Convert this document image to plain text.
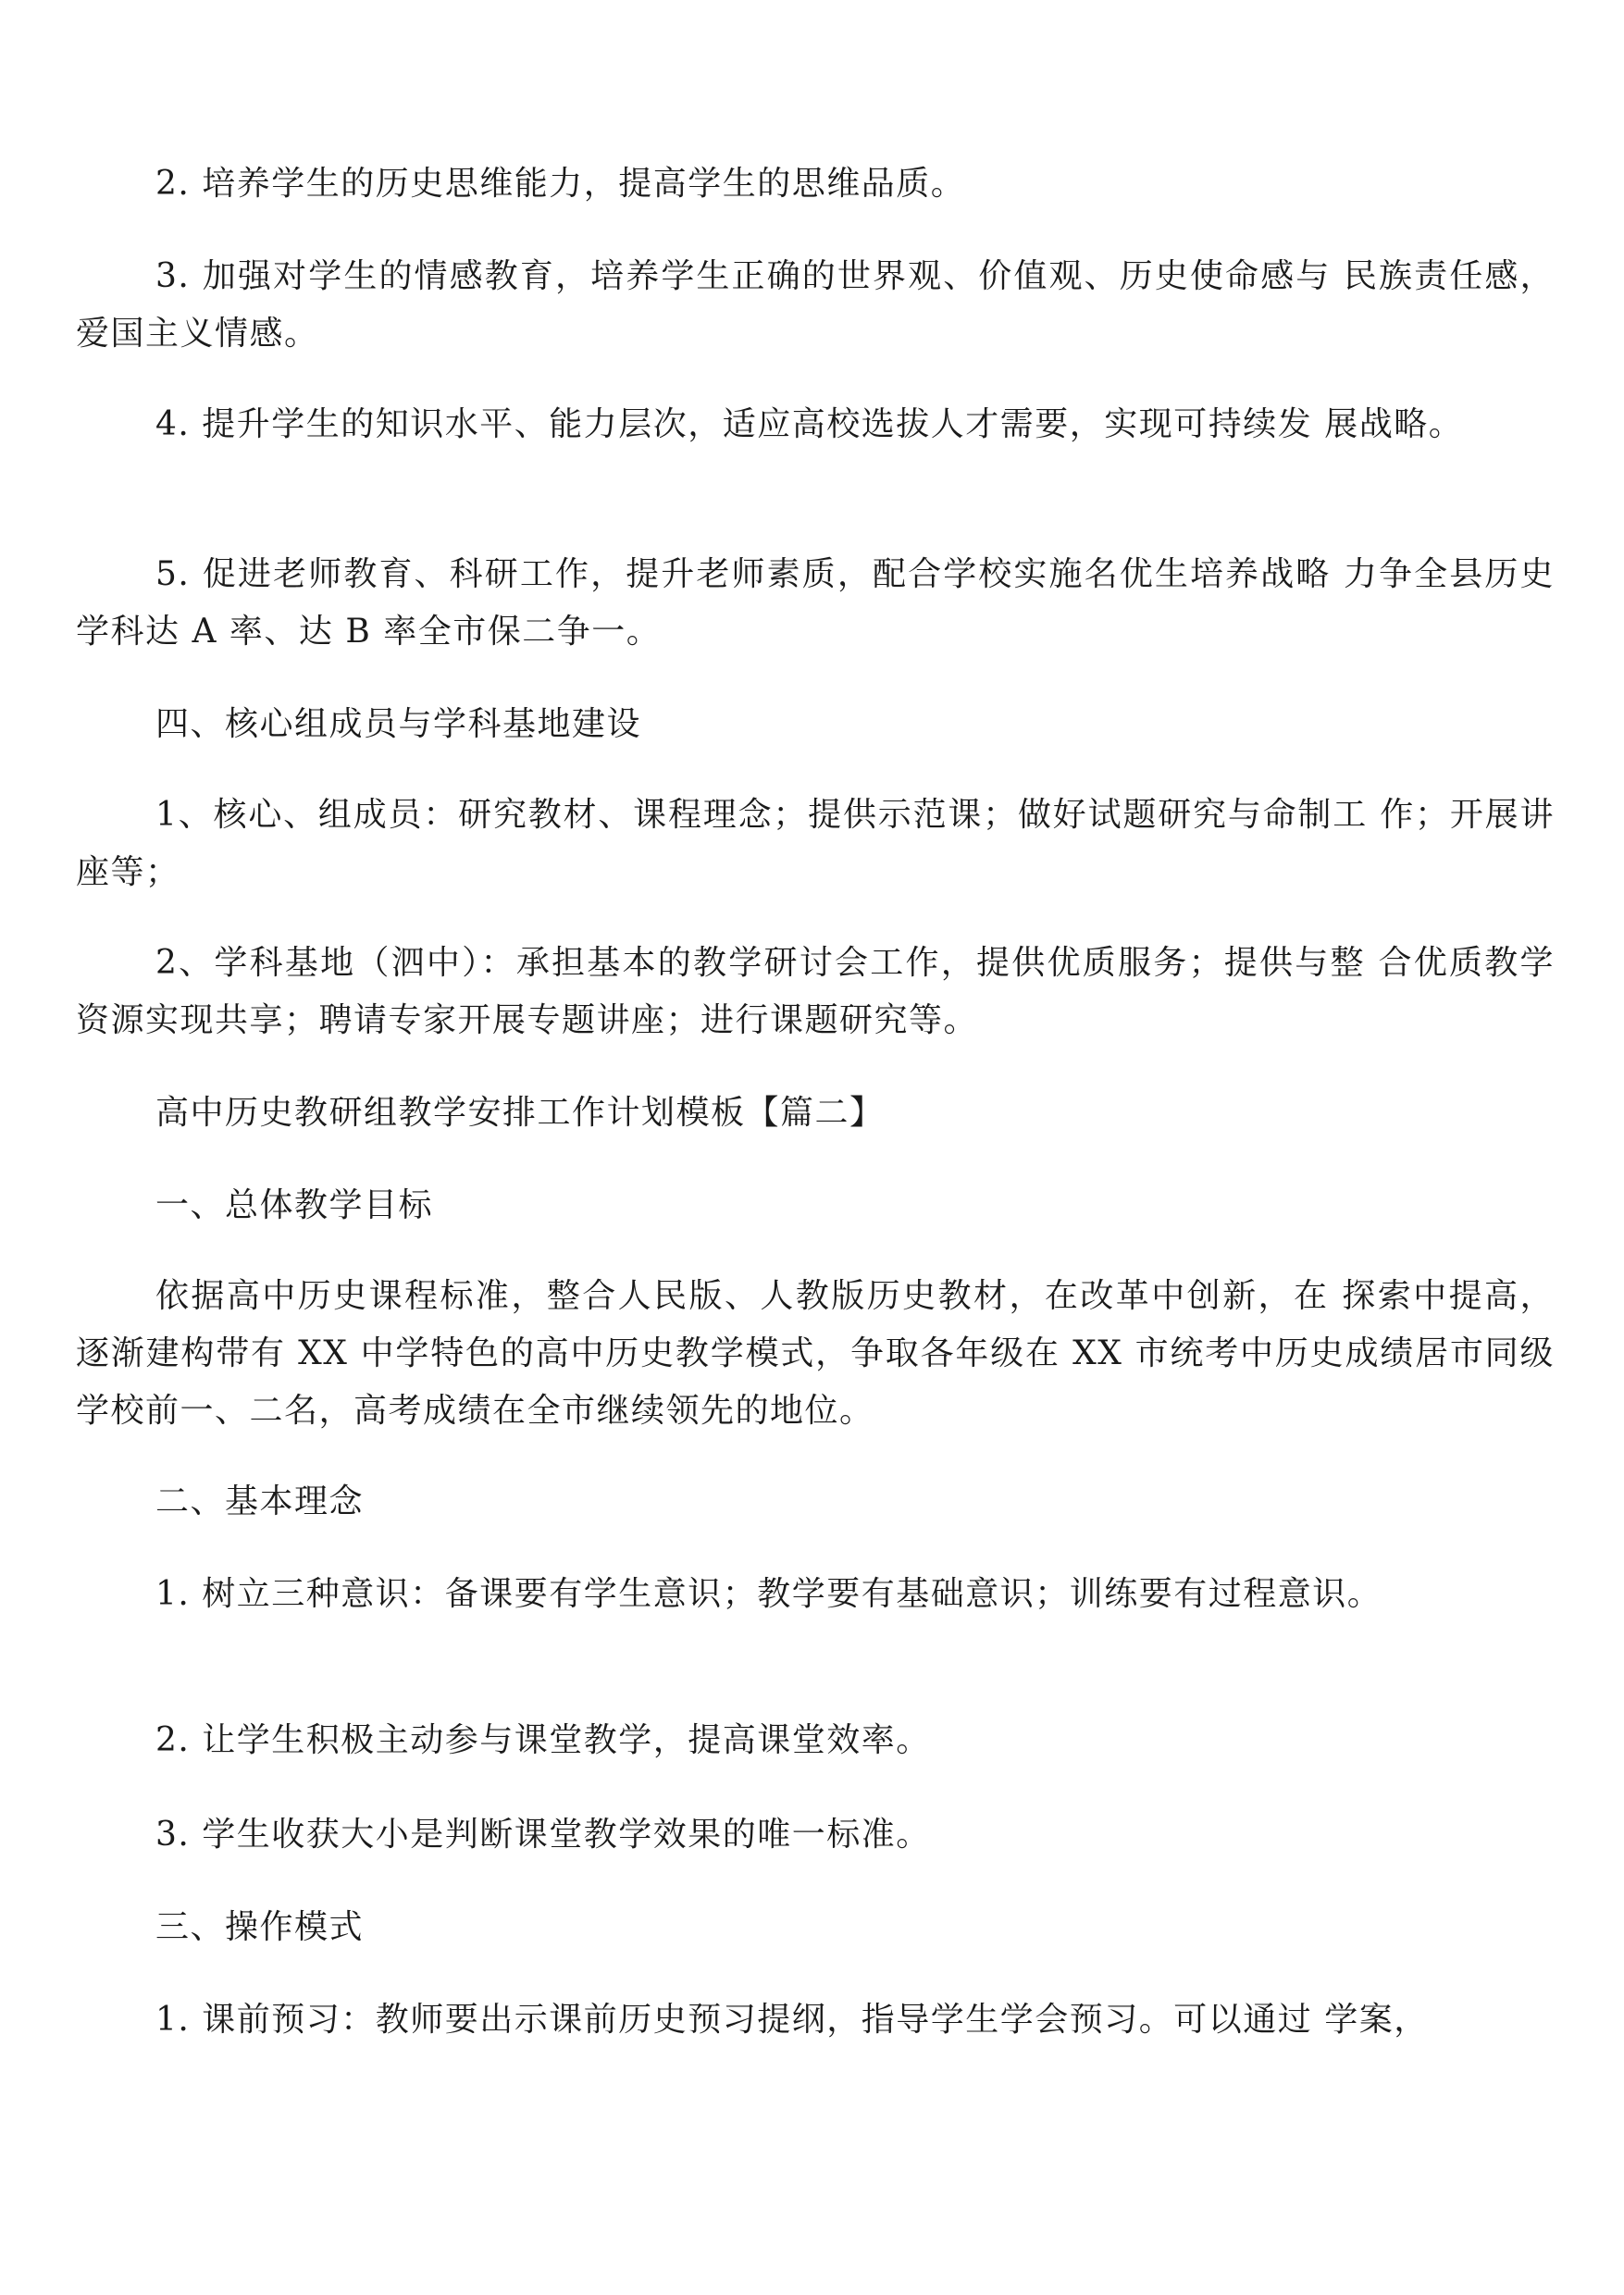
2. 培养学生的历史思维能力，提高学生的思维品质。

3. 加强对学生的情感教育，培养学生正确的世界观、价值观、历史使命感与 民族责任感，爱国主义情感。

4. 提升学生的知识水平、能力层次，适应高校选拔人才需要，实现可持续发 展战略。

5. 促进老师教育、科研工作，提升老师素质，配合学校实施名优生培养战略 力争全县历史学科达 A 率、达 B 率全市保二争一。

四、核心组成员与学科基地建设

1、核心、组成员：研究教材、课程理念；提供示范课；做好试题研究与命制工 作；开展讲座等；

2、学科基地（泗中）：承担基本的教学研讨会工作，提供优质服务；提供与整 合优质教学资源实现共享；聘请专家开展专题讲座；进行课题研究等。

高中历史教研组教学安排工作计划模板【篇二】

一、总体教学目标

依据高中历史课程标准，整合人民版、人教版历史教材，在改革中创新，在 探索中提高，逐渐建构带有 XX 中学特色的高中历史教学模式，争取各年级在 XX 市统考中历史成绩居市同级学校前一、二名，高考成绩在全市继续领先的地位。

二、基本理念

1. 树立三种意识：备课要有学生意识；教学要有基础意识；训练要有过程意识。

2. 让学生积极主动参与课堂教学，提高课堂效率。

3. 学生收获大小是判断课堂教学效果的唯一标准。

三、操作模式

1. 课前预习：教师要出示课前历史预习提纲，指导学生学会预习。可以通过 学案，
